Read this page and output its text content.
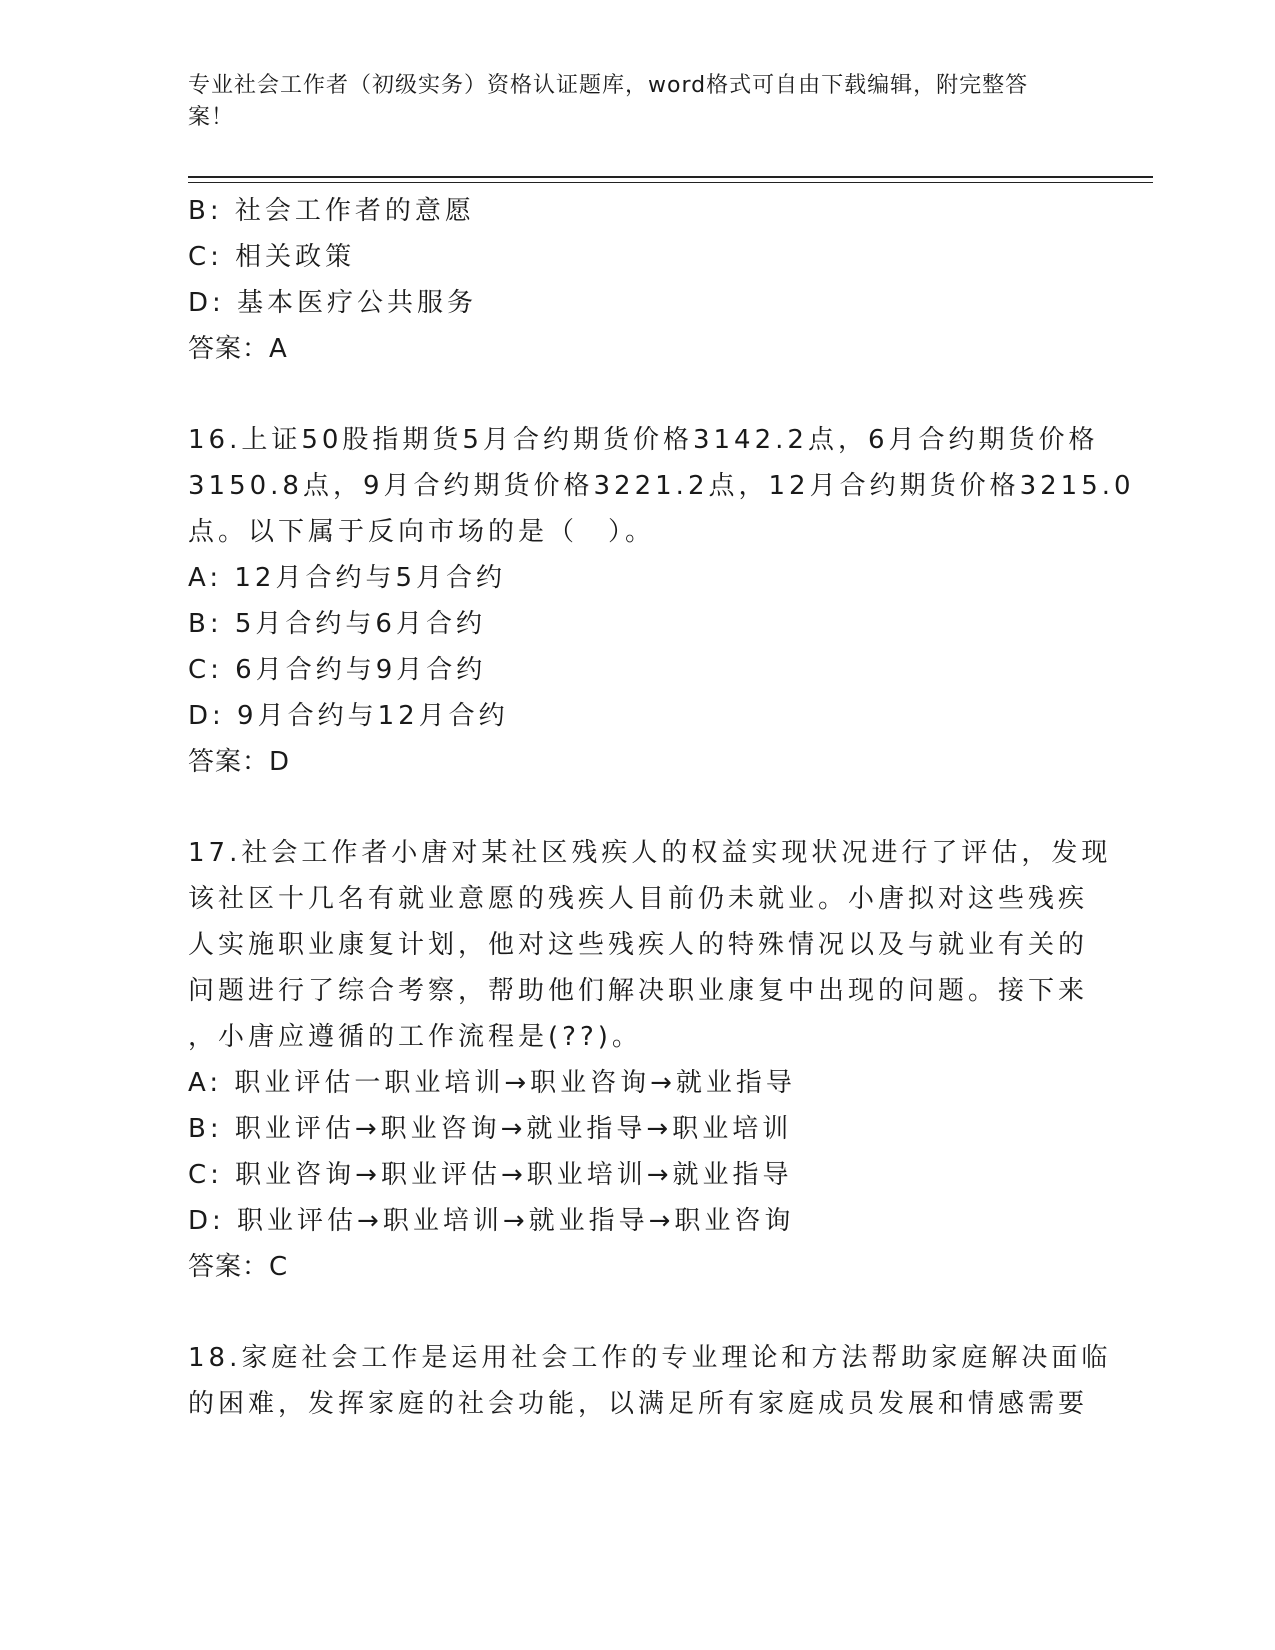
专业社会工作者（初级实务）资格认证题库，word格式可自由下载编辑，附完整答案！
B: 社会工作者的意愿
C: 相关政策
D: 基本医疗公共服务
答案：A
16.上证50股指期货5月合约期货价格3142.2点，6月合约期货价格
3150.8点，9月合约期货价格3221.2点，12月合约期货价格3215.0
点。以下属于反向市场的是（　）。
A: 12月合约与5月合约
B: 5月合约与6月合约
C: 6月合约与9月合约
D: 9月合约与12月合约
答案：D
17.社会工作者小唐对某社区残疾人的权益实现状况进行了评估，发现
该社区十几名有就业意愿的残疾人目前仍未就业。小唐拟对这些残疾
人实施职业康复计划，他对这些残疾人的特殊情况以及与就业有关的
问题进行了综合考察，帮助他们解决职业康复中出现的问题。接下来
，小唐应遵循的工作流程是(??)。
A: 职业评估一职业培训→职业咨询→就业指导
B: 职业评估→职业咨询→就业指导→职业培训
C: 职业咨询→职业评估→职业培训→就业指导
D: 职业评估→职业培训→就业指导→职业咨询
答案：C
18.家庭社会工作是运用社会工作的专业理论和方法帮助家庭解决面临
的困难，发挥家庭的社会功能，以满足所有家庭成员发展和情感需要
